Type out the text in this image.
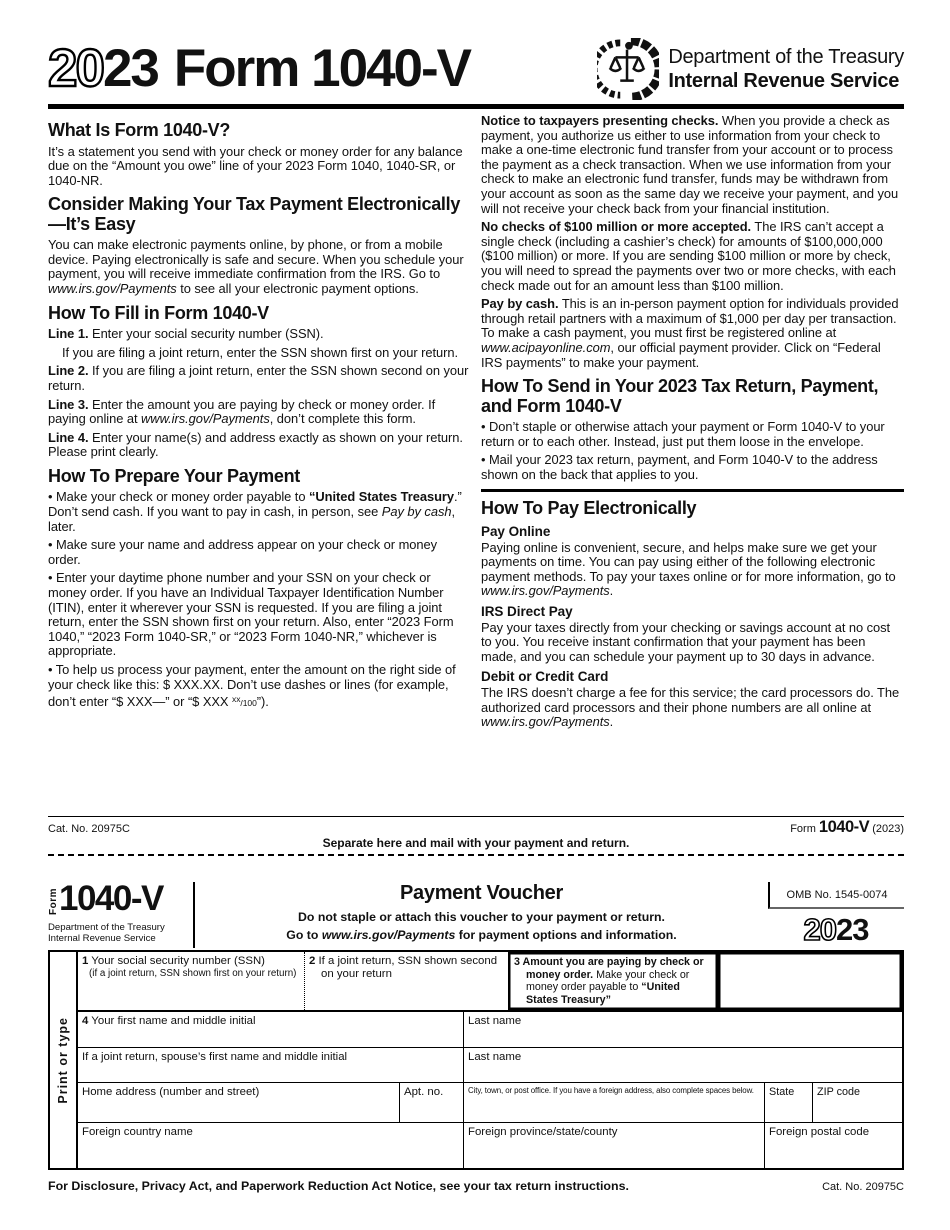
2023 Form 1040-V	Department of the Treasury
Internal Revenue Service
What Is Form 1040-V?
It’s a statement you send with your check or money order for any balance due on the “Amount you owe” line of your 2023 Form 1040, 1040-SR, or 1040-NR.
Consider Making Your Tax Payment Electronically—It’s Easy
You can make electronic payments online, by phone, or from a mobile device. Paying electronically is safe and secure. When you schedule your payment, you will receive immediate confirmation from the IRS. Go to www.irs.gov/Payments to see all your electronic payment options.
How To Fill in Form 1040-V
Line 1. Enter your social security number (SSN).
If you are filing a joint return, enter the SSN shown first on your return.
Line 2. If you are filing a joint return, enter the SSN shown second on your return.
Line 3. Enter the amount you are paying by check or money order. If paying online at www.irs.gov/Payments, don’t complete this form.
Line 4. Enter your name(s) and address exactly as shown on your return. Please print clearly.
How To Prepare Your Payment
• Make your check or money order payable to “United States Treasury.” Don’t send cash. If you want to pay in cash, in person, see Pay by cash, later.
• Make sure your name and address appear on your check or money order.
• Enter your daytime phone number and your SSN on your check or money order. If you have an Individual Taxpayer Identification Number (ITIN), enter it wherever your SSN is requested. If you are filing a joint return, enter the SSN shown first on your return. Also, enter “2023 Form 1040,” “2023 Form 1040-SR,” or “2023 Form 1040-NR,” whichever is appropriate.
• To help us process your payment, enter the amount on the right side of your check like this: $ XXX.XX. Don’t use dashes or lines (for example, don’t enter “$ XXX—” or “$ XXX $^{xx}$/100”).
Notice to taxpayers presenting checks. When you provide a check as payment, you authorize us either to use information from your check to make a one-time electronic fund transfer from your account or to process the payment as a check transaction. When we use information from your check to make an electronic fund transfer, funds may be withdrawn from your account as soon as the same day we receive your payment, and you will not receive your check back from your financial institution.
No checks of $100 million or more accepted. The IRS can’t accept a single check (including a cashier’s check) for amounts of $100,000,000 ($100 million) or more. If you are sending $100 million or more by check, you will need to spread the payments over two or more checks, with each check made out for an amount less than $100 million.
Pay by cash. This is an in-person payment option for individuals provided through retail partners with a maximum of $1,000 per day per transaction. To make a cash payment, you must first be registered online at www.acipayonline.com, our official payment provider. Click on “Federal IRS payments” to make your payment.
How To Send in Your 2023 Tax Return, Payment, and Form 1040-V
• Don’t staple or otherwise attach your payment or Form 1040-V to your return or to each other. Instead, just put them loose in the envelope.
• Mail your 2023 tax return, payment, and Form 1040-V to the address shown on the back that applies to you.
How To Pay Electronically
Pay Online
Paying online is convenient, secure, and helps make sure we get your payments on time. You can pay using either of the following electronic payment methods. To pay your taxes online or for more information, go to www.irs.gov/Payments.
IRS Direct Pay
Pay your taxes directly from your checking or savings account at no cost to you. You receive instant confirmation that your payment has been made, and you can schedule your payment up to 30 days in advance.
Debit or Credit Card
The IRS doesn’t charge a fee for this service; the card processors do. The authorized card processors and their phone numbers are all online at www.irs.gov/Payments.
Cat. No. 20975C	Form 1040-V (2023)
Separate here and mail with your payment and return.
Form 1040-V
Department of the Treasury
Internal Revenue Service
Payment Voucher
Do not staple or attach this voucher to your payment or return.
Go to www.irs.gov/Payments for payment options and information.
OMB No. 1545-0074
20 23
Print or type
1 Your social security number (SSN)
(if a joint return, SSN shown first on your return)
2 If a joint return, SSN shown second on your return
3 Amount you are paying by check or money order. Make your check or money order payable to “United States Treasury”
4 Your first name and middle initial	Last name
If a joint return, spouse’s first name and middle initial	Last name
Home address (number and street)	Apt. no.	City, town, or post office. If you have a foreign address, also complete spaces below.	State	ZIP code
Foreign country name	Foreign province/state/county	Foreign postal code
For Disclosure, Privacy Act, and Paperwork Reduction Act Notice, see your tax return instructions.	Cat. No. 20975C
